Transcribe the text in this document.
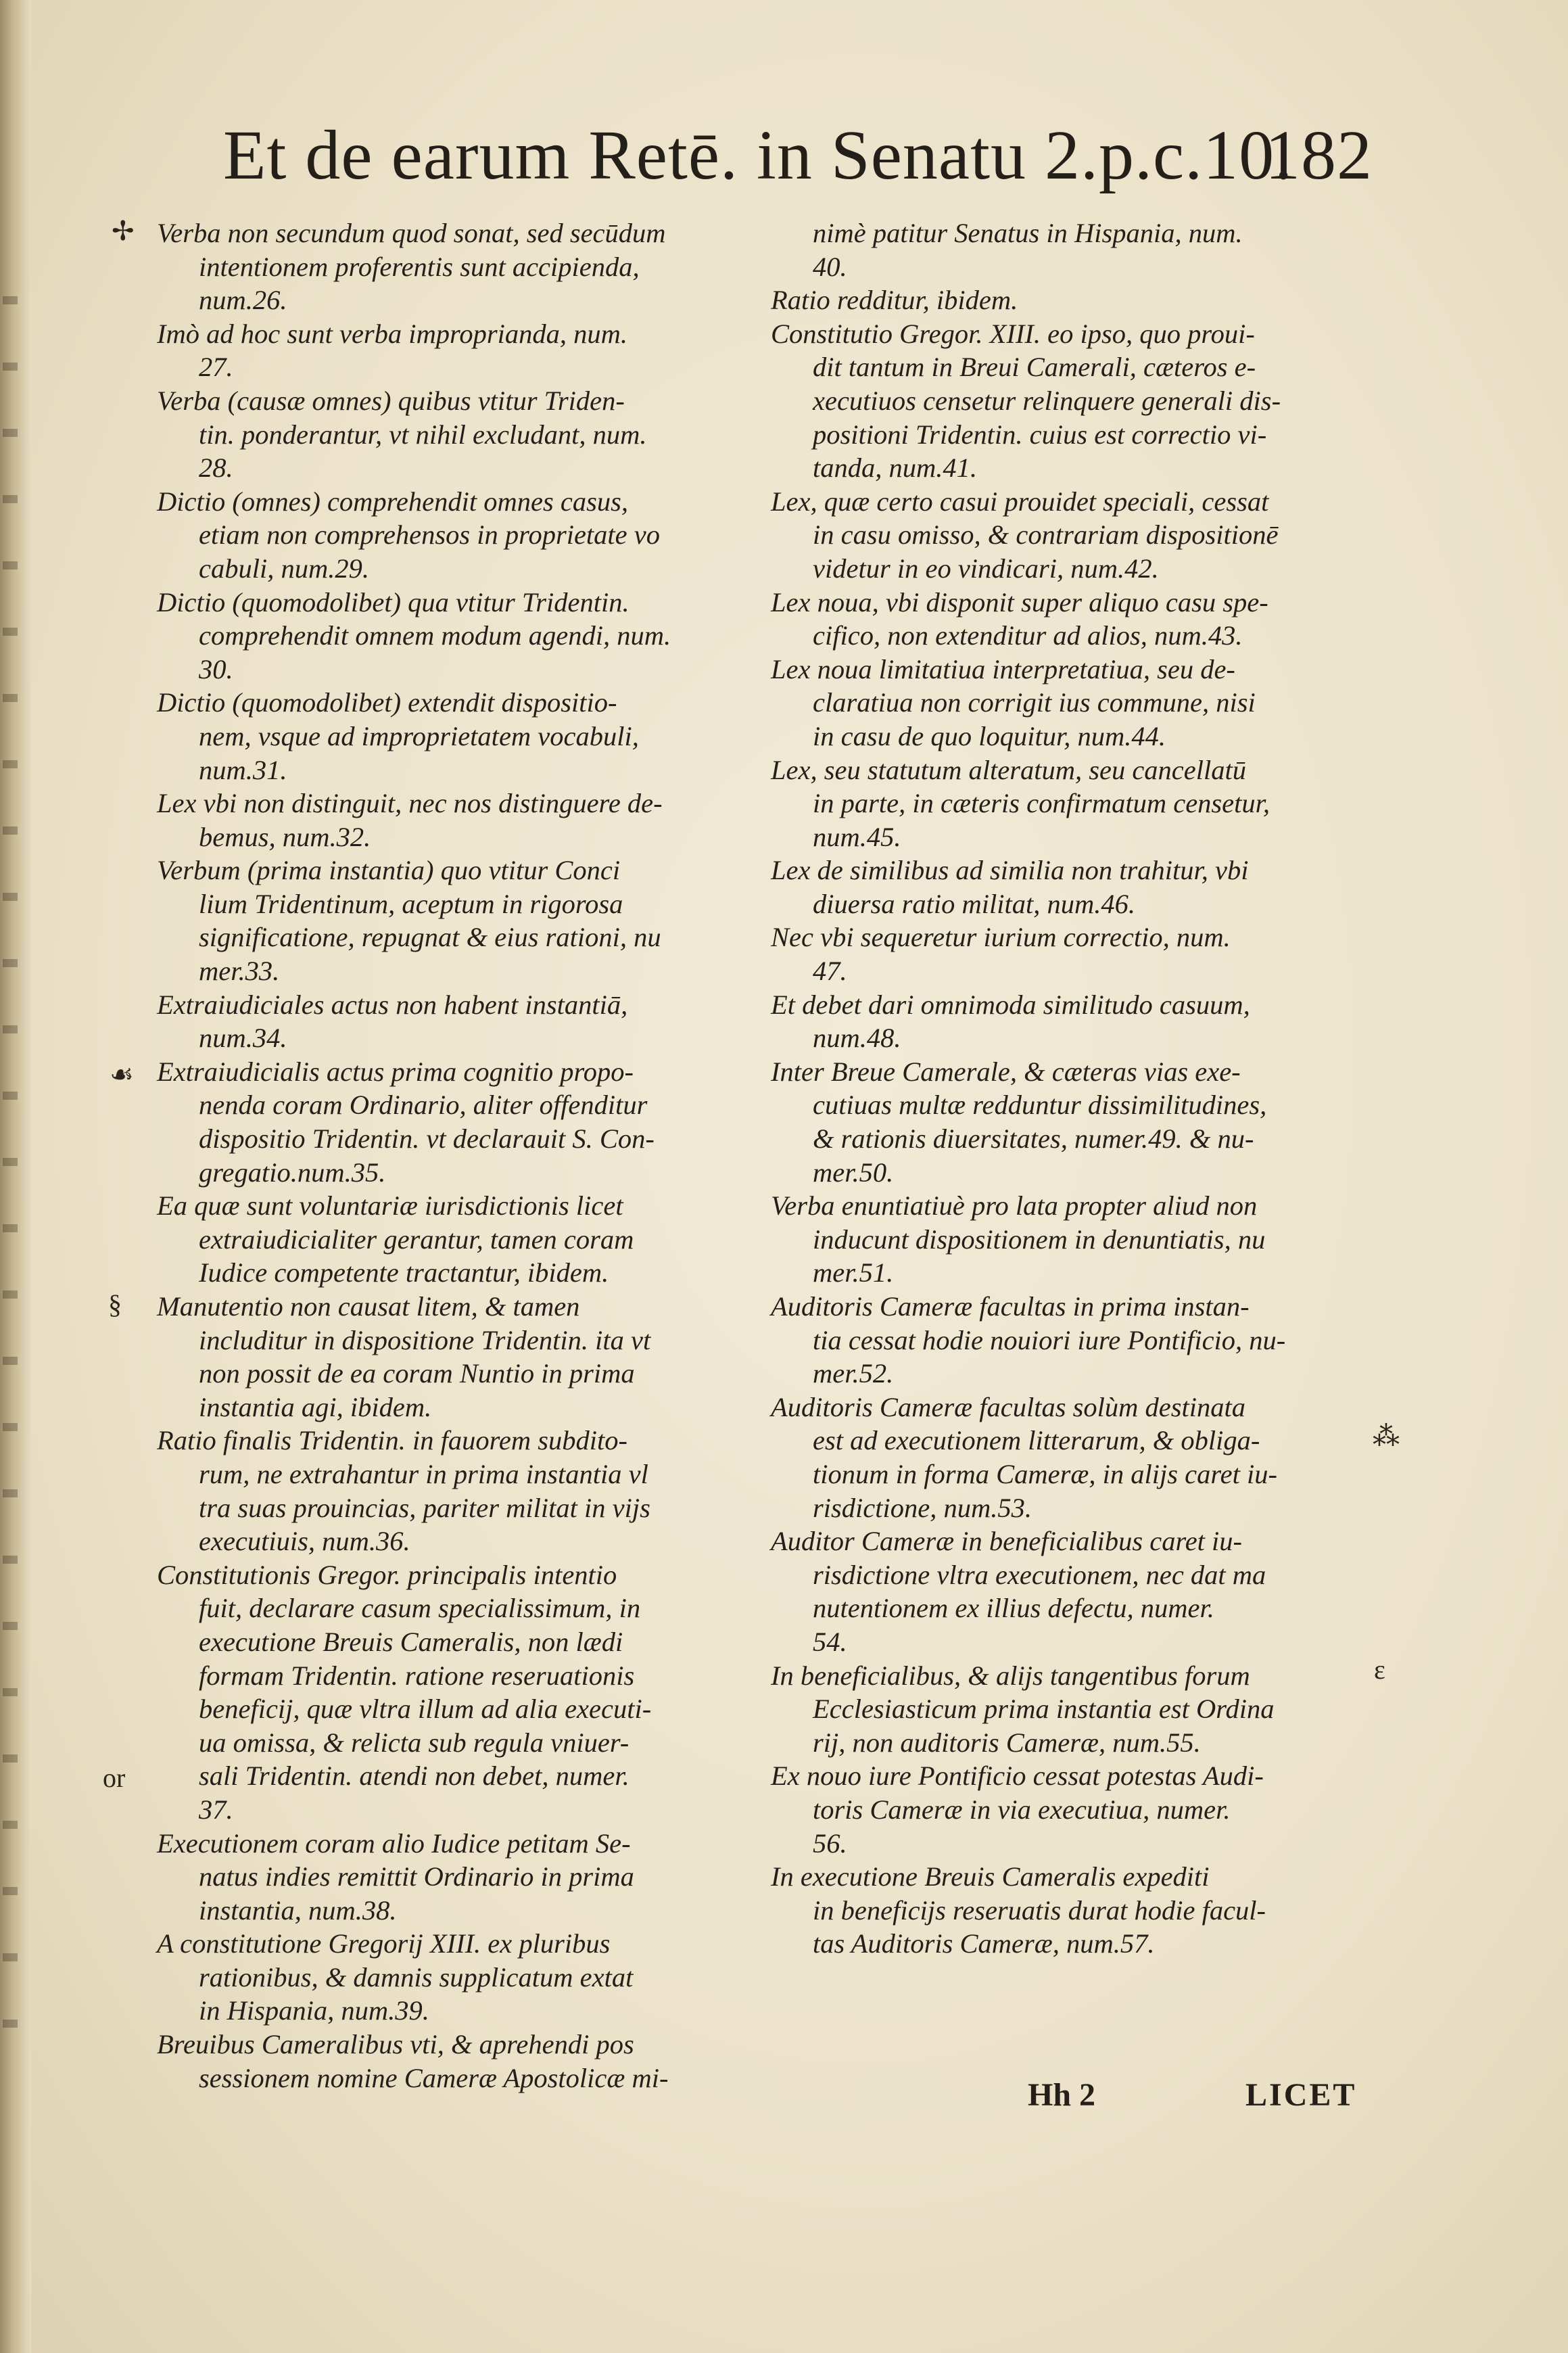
Et de earum Retē. in Senatu 2.p.c.10.
182
✢
☙
§
or
⁂
ɛ

Verba non secundum quod sonat, sed secūdum

intentionem proferentis sunt accipienda,

num.26.

Imò ad hoc sunt verba improprianda, num.

27.

Verba (causæ omnes) quibus vtitur Triden-

tin. ponderantur, vt nihil excludant, num.

28.

Dictio (omnes) comprehendit omnes casus,

etiam non comprehensos in proprietate vo

cabuli, num.29.

Dictio (quomodolibet) qua vtitur Tridentin.

comprehendit omnem modum agendi, num.

30.

Dictio (quomodolibet) extendit dispositio-

nem, vsque ad improprietatem vocabuli,

num.31.

Lex vbi non distinguit, nec nos distinguere de-

bemus, num.32.

Verbum (prima instantia) quo vtitur Conci

lium Tridentinum, aceptum in rigorosa

significatione, repugnat & eius rationi, nu

mer.33.

Extraiudiciales actus non habent instantiā,

num.34.

Extraiudicialis actus prima cognitio propo-

nenda coram Ordinario, aliter offenditur

dispositio Tridentin. vt declarauit S. Con-

gregatio.num.35.

Ea quæ sunt voluntariæ iurisdictionis licet

extraiudicialiter gerantur, tamen coram

Iudice competente tractantur, ibidem.

Manutentio non causat litem, & tamen

includitur in dispositione Tridentin. ita vt

non possit de ea coram Nuntio in prima

instantia agi, ibidem.

Ratio finalis Tridentin. in fauorem subdito-

rum, ne extrahantur in prima instantia vl

tra suas prouincias, pariter militat in vijs

executiuis, num.36.

Constitutionis Gregor. principalis intentio

fuit, declarare casum specialissimum, in

executione Breuis Cameralis, non lædi

formam Tridentin. ratione reseruationis

beneficij, quæ vltra illum ad alia executi-

ua omissa, & relicta sub regula vniuer-

sali Tridentin. atendi non debet, numer.

37.

Executionem coram alio Iudice petitam Se-

natus indies remittit Ordinario in prima

instantia, num.38.

A constitutione Gregorij XIII. ex pluribus

rationibus, & damnis supplicatum extat

in Hispania, num.39.

Breuibus Cameralibus vti, & aprehendi pos

sessionem nomine Cameræ Apostolicæ mi-

nimè patitur Senatus in Hispania, num.

40.

Ratio redditur, ibidem.

Constitutio Gregor. XIII. eo ipso, quo proui-

dit tantum in Breui Camerali, cæteros e-

xecutiuos censetur relinquere generali dis-

positioni Tridentin. cuius est correctio vi-

tanda, num.41.

Lex, quæ certo casui prouidet speciali, cessat

in casu omisso, & contrariam dispositionē

videtur in eo vindicari, num.42.

Lex noua, vbi disponit super aliquo casu spe-

cifico, non extenditur ad alios, num.43.

Lex noua limitatiua interpretatiua, seu de-

claratiua non corrigit ius commune, nisi

in casu de quo loquitur, num.44.

Lex, seu statutum alteratum, seu cancellatū

in parte, in cæteris confirmatum censetur,

num.45.

Lex de similibus ad similia non trahitur, vbi

diuersa ratio militat, num.46.

Nec vbi sequeretur iurium correctio, num.

47.

Et debet dari omnimoda similitudo casuum,

num.48.

Inter Breue Camerale, & cæteras vias exe-

cutiuas multæ redduntur dissimilitudines,

& rationis diuersitates, numer.49. & nu-

mer.50.

Verba enuntiatiuè pro lata propter aliud non

inducunt dispositionem in denuntiatis, nu

mer.51.

Auditoris Cameræ facultas in prima instan-

tia cessat hodie nouiori iure Pontificio, nu-

mer.52.

Auditoris Cameræ facultas solùm destinata

est ad executionem litterarum, & obliga-

tionum in forma Cameræ, in alijs caret iu-

risdictione, num.53.

Auditor Cameræ in beneficialibus caret iu-

risdictione vltra executionem, nec dat ma

nutentionem ex illius defectu, numer.

54.

In beneficialibus, & alijs tangentibus forum

Ecclesiasticum prima instantia est Ordina

rij, non auditoris Cameræ, num.55.

Ex nouo iure Pontificio cessat potestas Audi-

toris Cameræ in via executiua, numer.

56.

In executione Breuis Cameralis expediti

in beneficijs reseruatis durat hodie facul-

tas Auditoris Cameræ, num.57.

Hh 2	LICET
